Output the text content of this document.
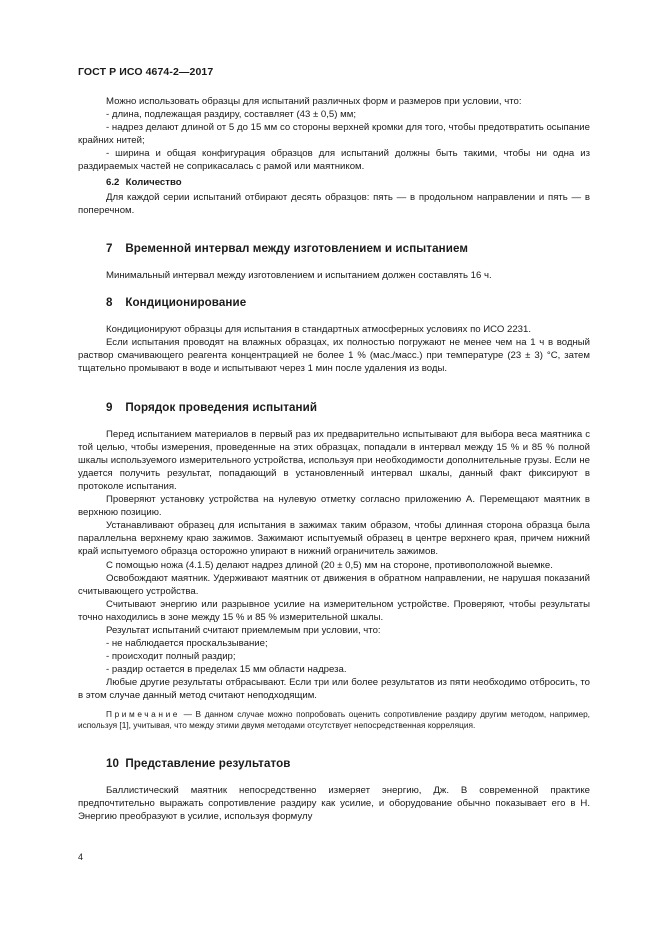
ГОСТ Р ИСО 4674-2—2017

Можно использовать образцы для испытаний различных форм и размеров при условии, что:

- длина, подлежащая раздиру, составляет (43 ± 0,5) мм;

- надрез делают длиной от 5 до 15 мм со стороны верхней кромки для того, чтобы предотвратить осыпание крайних нитей;

- ширина и общая конфигурация образцов для испытаний должны быть такими, чтобы ни одна из раздираемых частей не соприкасалась с рамой или маятником.

6.2 Количество

Для каждой серии испытаний отбирают десять образцов: пять — в продольном направлении и пять — в поперечном.

7 Временной интервал между изготовлением и испытанием

Минимальный интервал между изготовлением и испытанием должен составлять 16 ч.

8 Кондиционирование

Кондиционируют образцы для испытания в стандартных атмосферных условиях по ИСО 2231.

Если испытания проводят на влажных образцах, их полностью погружают не менее чем на 1 ч в водный раствор смачивающего реагента концентрацией не более 1 % (мас./масс.) при температуре (23 ± 3) °С, затем тщательно промывают в воде и испытывают через 1 мин после удаления из воды.

9 Порядок проведения испытаний

Перед испытанием материалов в первый раз их предварительно испытывают для выбора веса маятника с той целью, чтобы измерения, проведенные на этих образцах, попадали в интервал между 15 % и 85 % полной шкалы используемого измерительного устройства, используя при необходимости дополнительные грузы. Если не удается получить результат, попадающий в установленный интервал шкалы, данный факт фиксируют в протоколе испытания.

Проверяют установку устройства на нулевую отметку согласно приложению А. Перемещают маятник в верхнюю позицию.

Устанавливают образец для испытания в зажимах таким образом, чтобы длинная сторона образца была параллельна верхнему краю зажимов. Зажимают испытуемый образец в центре верхнего края, причем нижний край испытуемого образца осторожно упирают в нижний ограничитель зажимов.

С помощью ножа (4.1.5) делают надрез длиной (20 ± 0,5) мм на стороне, противоположной выемке.

Освобождают маятник. Удерживают маятник от движения в обратном направлении, не нарушая показаний считывающего устройства.

Считывают энергию или разрывное усилие на измерительном устройстве. Проверяют, чтобы результаты точно находились в зоне между 15 % и 85 % измерительной шкалы.

Результат испытаний считают приемлемым при условии, что:

- не наблюдается проскальзывание;

- происходит полный раздир;

- раздир остается в пределах 15 мм области надреза.

Любые другие результаты отбрасывают. Если три или более результатов из пяти необходимо отбросить, то в этом случае данный метод считают неподходящим.

Примечание — В данном случае можно попробовать оценить сопротивление раздиру другим методом, например, используя [1], учитывая, что между этими двумя методами отсутствует непосредственная корреляция.

10 Представление результатов

Баллистический маятник непосредственно измеряет энергию, Дж. В современной практике предпочтительно выражать сопротивление раздиру как усилие, и оборудование обычно показывает его в Н. Энергию преобразуют в усилие, используя формулу

4
